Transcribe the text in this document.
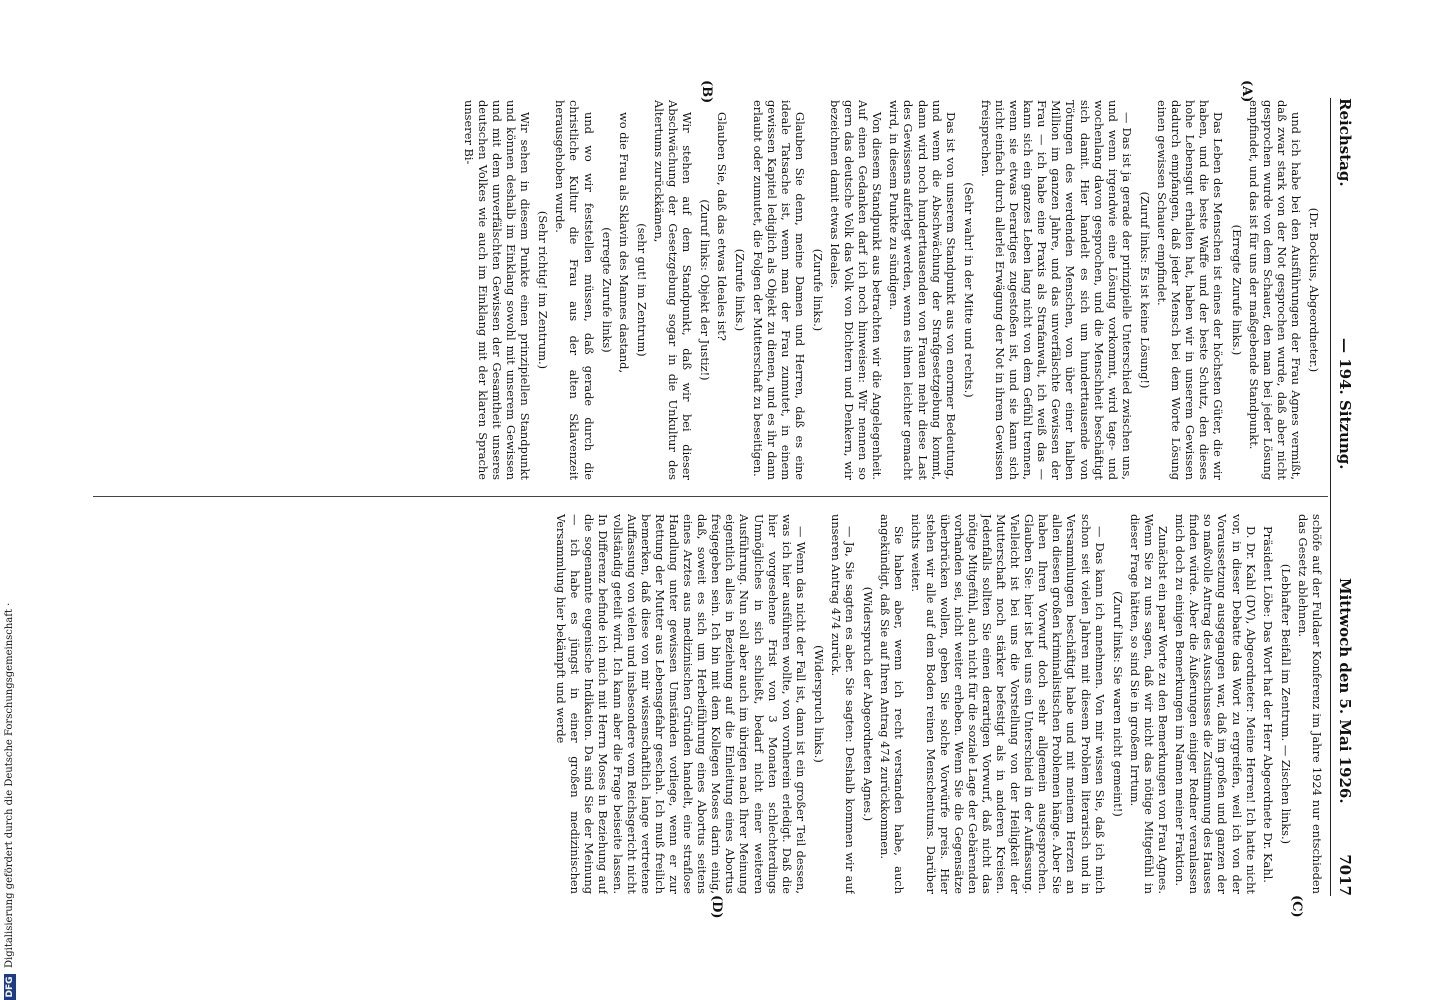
Reichstag.
— 194. Sitzung.
Mittwoch den 5. Mai 1926.
7017
(A)
(B)
(C)
(D)

(Dr. Bockius, Abgeordneter.)

und ich habe bei den Ausführungen der Frau Agnes vermißt, daß zwar stark von der Not gesprochen wurde, daß aber nicht gesprochen wurde von dem Schauer, den man bei jeder Lösung empfindet, und das ist für uns der maßgebende Standpunkt.

(Erregte Zurufe links.)

Das Leben des Menschen ist eines der höchsten Güter, die wir haben, und die beste Waffe und der beste Schutz, den dieses hohe Lebensgut erhalten hat, haben wir in unserem Gewissen dadurch empfangen, daß jeder Mensch bei dem Worte Lösung einen gewissen Schauer empfindet.

(Zuruf links: Es ist keine Lösung!)

— Das ist ja gerade der prinzipielle Unterschied zwischen uns, und wenn irgendwie eine Lösung vorkommt, wird tage- und wochenlang davon gesprochen, und die Menschheit beschäftigt sich damit. Hier handelt es sich um hunderttausende von Tötungen des werdenden Menschen, von über einer halben Million im ganzen Jahre, und das unverfälschte Gewissen der Frau — ich habe eine Praxis als Strafanwalt, ich weiß das — kann sich ein ganzes Leben lang nicht von dem Gefühl trennen, wenn sie etwas Derartiges zugestoßen ist, und sie kann sich nicht einfach durch allerlei Erwägung der Not in ihrem Gewissen freisprechen.

(Sehr wahr! in der Mitte und rechts.)

Das ist von unserem Standpunkt aus von enormer Bedeutung, und wenn die Abschwächung der Strafgesetzgebung kommt, dann wird noch hunderttausenden von Frauen mehr diese Last des Gewissens auferlegt werden, wenn es ihnen leichter gemacht wird, in diesem Punkte zu sündigen.

Von diesem Standpunkt aus betrachten wir die Angelegenheit. Auf einen Gedanken darf ich noch hinweisen: Wir nennen so gern das deutsche Volk das Volk von Dichtern und Denkern, wir bezeichnen damit etwas Ideales.

(Zurufe links.)

Glauben Sie denn, meine Damen und Herren, daß es eine ideale Tatsache ist, wenn man der Frau zumutet, in einem gewissen Kapitel lediglich als Objekt zu dienen, und es ihr dann erlaubt oder zumutet, die Folgen der Mutterschaft zu beseitigen.

(Zurufe links.)

Glauben Sie, daß das etwas Ideales ist?

(Zuruf links: Objekt der Justiz!)

Wir stehen auf dem Standpunkt, daß wir bei dieser Abschwächung der Gesetzgebung sogar in die Unkultur des Altertums zurückkämen,

(sehr gut! im Zentrum)

wo die Frau als Sklavin des Mannes dastand,

(erregte Zurufe links)

und wo wir feststellen müssen, daß gerade durch die christliche Kultur die Frau aus der alten Sklavenzeit herausgehoben wurde.

(Sehr richtig! im Zentrum.)

Wir sehen in diesem Punkte einen prinzipiellen Standpunkt und können deshalb im Einklang sowohl mit unserem Gewissen und mit dem unverfälschten Gewissen der Gesamtheit unseres deutschen Volkes wie auch im Einklang mit der klaren Sprache unserer Bi-

schöfe auf der Fuldaer Konferenz im Jahre 1924 nur entschieden das Gesetz ablehnen.

(Lebhafter Beifall im Zentrum. — Zischen links.)

Präsident Löbe: Das Wort hat der Herr Abgeordnete Dr. Kahl.

D. Dr. Kahl (DV), Abgeordneter: Meine Herren! Ich hatte nicht vor, in dieser Debatte das Wort zu ergreifen, weil ich von der Voraussetzung ausgegangen war, daß im großen und ganzen der so maßvolle Antrag des Ausschusses die Zustimmung des Hauses finden würde. Aber die Äußerungen einiger Redner veranlassen mich doch zu einigen Bemerkungen im Namen meiner Fraktion.

Zunächst ein paar Worte zu den Bemerkungen von Frau Agnes. Wenn Sie zu uns sagen, daß wir nicht das nötige Mitgefühl in dieser Frage hätten, so sind Sie in großem Irrtum.

(Zuruf links: Sie waren nicht gemeint!)

— Das kann ich annehmen. Von mir wissen Sie, daß ich mich schon seit vielen Jahren mit diesem Problem literarisch und in Versammlungen beschäftigt habe und mit meinem Herzen an allen diesen großen kriminalistischen Problemen hänge. Aber Sie haben Ihren Vorwurf doch sehr allgemein ausgesprochen. Glauben Sie: hier ist bei uns ein Unterschied in der Auffassung. Vielleicht ist bei uns die Vorstellung von der Heiligkeit der Mutterschaft noch stärker befestigt als in anderen Kreisen. Jedenfalls sollten Sie einen derartigen Vorwurf, daß nicht das nötige Mitgefühl, auch nicht für die soziale Lage der Gebärenden vorhanden sei, nicht weiter erheben. Wenn Sie die Gegensätze überbrücken wollen, geben Sie solche Vorwürfe preis. Hier stehen wir alle auf dem Boden reinen Menschentums. Darüber nichts weiter.

Sie haben aber, wenn ich recht verstanden habe, auch angekündigt, daß Sie auf Ihren Antrag 474 zurückkommen.

(Widerspruch der Abgeordneten Agnes.)

— Ja, Sie sagten es aber. Sie sagten: Deshalb kommen wir auf unseren Antrag 474 zurück.

(Widerspruch links.)

— Wenn das nicht der Fall ist, dann ist ein großer Teil dessen, was ich hier ausführen wollte, von vornherein erledigt. Daß die hier vorgesehene Frist von 3 Monaten schlechterdings Unmögliches in sich schließt, bedarf nicht einer weiteren Ausführung. Nun soll aber auch im übrigen nach Ihrer Meinung eigentlich alles in Beziehung auf die Einleitung eines Abortus freigegeben sein. Ich bin mit dem Kollegen Moses darin einig, daß, soweit es sich um Herbeiführung eines Abortus seitens eines Arztes aus medizinischen Gründen handelt, eine straflose Handlung unter gewissen Umständen vorliege, wenn er zur Rettung der Mutter aus Lebensgefahr geschah. Ich muß freilich bemerken, daß diese von mir wissenschaftlich lange vertretene Auffassung von vielen und insbesondere vom Reichsgericht nicht vollständig geteilt wird. Ich kann aber die Frage beiseite lassen. In Differenz befinde ich mich mit Herrn Moses in Beziehung auf die sogenannte eugenische Indikation. Da sind Sie der Meinung — ich habe es jüngst in einer großen medizinischen Versammlung hier bekämpft und werde

DFG
Digitalisierung gefördert durch die Deutsche Forschungsgemeinschaft ·
